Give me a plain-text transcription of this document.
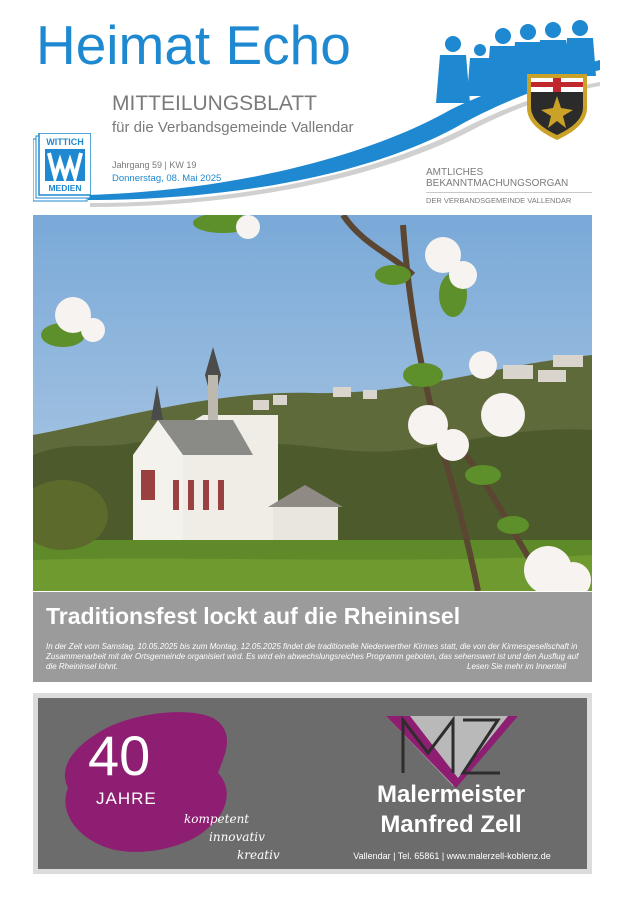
Heimat Echo
MITTEILUNGSBLATT
für die Verbandsgemeinde Vallendar
WITTICH
MEDIEN
Jahrgang 59 | KW 19
Donnerstag, 08. Mai 2025
AMTLICHES
BEKANNTMACHUNGSORGAN
DER VERBANDSGEMEINDE VALLENDAR
Traditionsfest lockt auf die Rheininsel
In der Zeit vom Samstag, 10.05.2025 bis zum Montag, 12.05.2025 findet die traditionelle Niederwerther Kirmes statt, die von der Kirmesgesellschaft in Zusammenarbeit mit der Ortsgemeinde organisiert wird. Es wird ein abwechslungsreiches Programm geboten, das sehenswert ist und den Ausflug auf die Rheininsel lohnt.	Lesen Sie mehr im Innenteil
40
JAHRE
kompetent
innovativ
kreativ
Malermeister
Manfred Zell
Vallendar | Tel. 65861 | www.malerzell-koblenz.de
